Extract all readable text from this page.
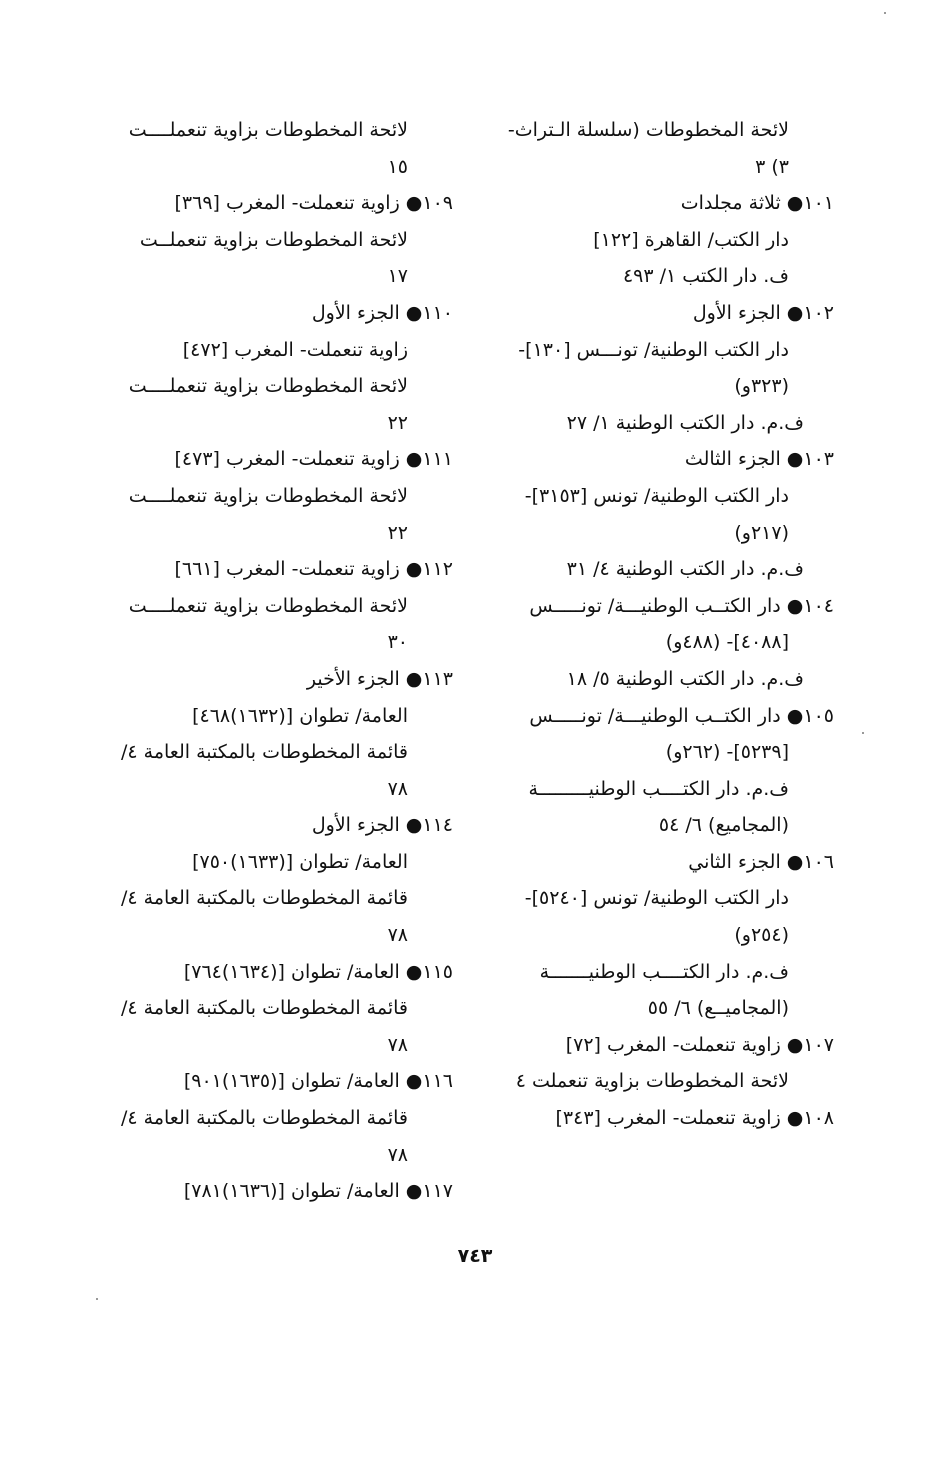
لائحة المخطوطات (سلسلة الـتراث-
٣) ٣
١٠١● ثلاثة مجلدات
دار الكتب/ القاهرة [١٢٢]
ف. دار الكتب ١/ ٤٩٣
١٠٢● الجزء الأول
دار الكتب الوطنية/ تونـــس [١٣٠]-
(٣٢٣و)
ف.م. دار الكتب الوطنية ١/ ٢٧
١٠٣● الجزء الثالث
دار الكتب الوطنية/ تونس [٣١٥٣]-
(٢١٧و)
ف.م. دار الكتب الوطنية ٤/ ٣١
١٠٤● دار الكتــب الوطنيـــة/ تونـــــس
[٤٠٨٨]- (٤٨٨و)
ف.م. دار الكتب الوطنية ٥/ ١٨
١٠٥● دار الكتــب الوطنيـــة/ تونـــــس
[٥٢٣٩]- (٢٦٢و)
ف.م. دار الكتــــب الوطنيـــــــــة
(المجاميع) ٦/ ٥٤
١٠٦● الجزء الثاني
دار الكتب الوطنية/ تونس [٥٢٤٠]-
(٢٥٤و)
ف.م. دار الكتــــب الوطنيـــــــة
(المجاميــع) ٦/ ٥٥
١٠٧● زاوية تنعملت- المغرب [٧٢]
لائحة المخطوطات بزاوية تنعملت ٤
١٠٨● زاوية تنعملت- المغرب [٣٤٣]
لائحة المخطوطات بزاوية تنعملــــت
١٥
١٠٩● زاوية تنعملت- المغرب [٣٦٩]
لائحة المخطوطات بزاوية تنعملــت
١٧
١١٠● الجزء الأول
زاوية تنعملت- المغرب [٤٧٢]
لائحة المخطوطات بزاوية تنعملــــت
٢٢
١١١● زاوية تنعملت- المغرب [٤٧٣]
لائحة المخطوطات بزاوية تنعملــــت
٢٢
١١٢● زاوية تنعملت- المغرب [٦٦١]
لائحة المخطوطات بزاوية تنعملــــت
٣٠
١١٣● الجزء الأخير
العامة/ تطوان [(١٦٣٢)٤٦٨]
قائمة المخطوطات بالمكتبة العامة ٤/
٧٨
١١٤● الجزء الأول
العامة/ تطوان [(١٦٣٣)٧٥٠]
قائمة المخطوطات بالمكتبة العامة ٤/
٧٨
١١٥● العامة/ تطوان [(١٦٣٤)٧٦٤]
قائمة المخطوطات بالمكتبة العامة ٤/
٧٨
١١٦● العامة/ تطوان [(١٦٣٥)٩٠١]
قائمة المخطوطات بالمكتبة العامة ٤/
٧٨
١١٧● العامة/ تطوان [(١٦٣٦)٧٨١]
٧٤٣
